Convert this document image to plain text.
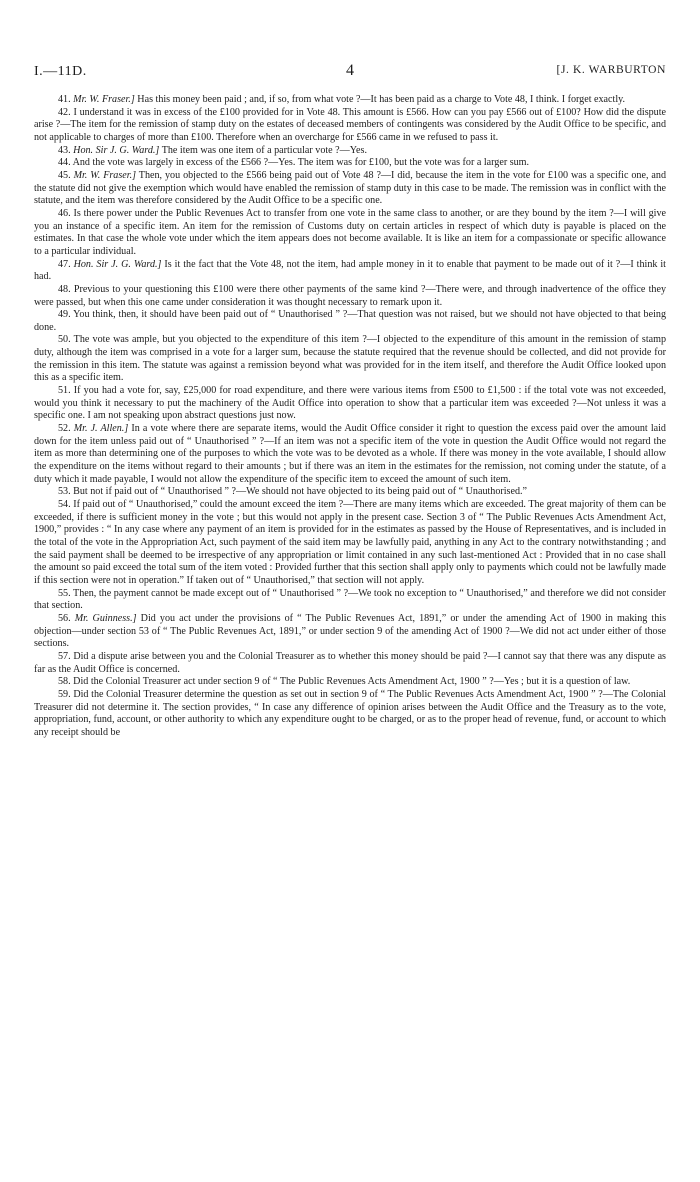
I.—11D.	4	[J. K. WARBURTON

41. Mr. W. Fraser.] Has this money been paid ; and, if so, from what vote ?—It has been paid as a charge to Vote 48, I think. I forget exactly.

42. I understand it was in excess of the £100 provided for in Vote 48. This amount is £566. How can you pay £566 out of £100? How did the dispute arise ?—The item for the remission of stamp duty on the estates of deceased members of contingents was considered by the Audit Office to be specific, and not applicable to charges of more than £100. Therefore when an overcharge for £566 came in we refused to pass it.

43. Hon. Sir J. G. Ward.] The item was one item of a particular vote ?—Yes.

44. And the vote was largely in excess of the £566 ?—Yes. The item was for £100, but the vote was for a larger sum.

45. Mr. W. Fraser.] Then, you objected to the £566 being paid out of Vote 48 ?—I did, because the item in the vote for £100 was a specific one, and the statute did not give the exemption which would have enabled the remission of stamp duty in this case to be made. The remission was in conflict with the statute, and the item was therefore considered by the Audit Office to be a specific one.

46. Is there power under the Public Revenues Act to transfer from one vote in the same class to another, or are they bound by the item ?—I will give you an instance of a specific item. An item for the remission of Customs duty on certain articles in respect of which duty is payable is placed on the estimates. In that case the whole vote under which the item appears does not become available. It is like an item for a compassionate or specific allowance to a particular individual.

47. Hon. Sir J. G. Ward.] Is it the fact that the Vote 48, not the item, had ample money in it to enable that payment to be made out of it ?—I think it had.

48. Previous to your questioning this £100 were there other payments of the same kind ?—There were, and through inadvertence of the office they were passed, but when this one came under consideration it was thought necessary to remark upon it.

49. You think, then, it should have been paid out of “ Unauthorised ” ?—That question was not raised, but we should not have objected to that being done.

50. The vote was ample, but you objected to the expenditure of this item ?—I objected to the expenditure of this amount in the remission of stamp duty, although the item was comprised in a vote for a larger sum, because the statute required that the revenue should be collected, and did not provide for the remission in this item. The statute was against a remission beyond what was provided for in the item itself, and therefore the Audit Office looked upon this as a specific item.

51. If you had a vote for, say, £25,000 for road expenditure, and there were various items from £500 to £1,500 : if the total vote was not exceeded, would you think it necessary to put the machinery of the Audit Office into operation to show that a particular item was exceeded ?—Not unless it was a specific one. I am not speaking upon abstract questions just now.

52. Mr. J. Allen.] In a vote where there are separate items, would the Audit Office consider it right to question the excess paid over the amount laid down for the item unless paid out of “ Unauthorised ” ?—If an item was not a specific item of the vote in question the Audit Office would not regard the item as more than determining one of the purposes to which the vote was to be devoted as a whole. If there was money in the vote available, I should allow the expenditure on the items without regard to their amounts ; but if there was an item in the estimates for the remission, not coming under the statute, of a duty which it made payable, I would not allow the expenditure of the specific item to exceed the amount of such item.

53. But not if paid out of “ Unauthorised ” ?—We should not have objected to its being paid out of “ Unauthorised.”

54. If paid out of “ Unauthorised,” could the amount exceed the item ?—There are many items which are exceeded. The great majority of them can be exceeded, if there is sufficient money in the vote ; but this would not apply in the present case. Section 3 of “ The Public Revenues Acts Amendment Act, 1900,” provides : “ In any case where any payment of an item is provided for in the estimates as passed by the House of Representatives, and is included in the total of the vote in the Appropriation Act, such payment of the said item may be lawfully paid, anything in any Act to the contrary notwithstanding ; and the said payment shall be deemed to be irrespective of any appropriation or limit contained in any such last-mentioned Act : Provided that in no case shall the amount so paid exceed the total sum of the item voted : Provided further that this section shall apply only to payments which could not be lawfully made if this section were not in operation.” If taken out of “ Unauthorised,” that section will not apply.

55. Then, the payment cannot be made except out of “ Unauthorised ” ?—We took no exception to “ Unauthorised,” and therefore we did not consider that section.

56. Mr. Guinness.] Did you act under the provisions of “ The Public Revenues Act, 1891,” or under the amending Act of 1900 in making this objection—under section 53 of “ The Public Revenues Act, 1891,” or under section 9 of the amending Act of 1900 ?—We did not act under either of those sections.

57. Did a dispute arise between you and the Colonial Treasurer as to whether this money should be paid ?—I cannot say that there was any dispute as far as the Audit Office is concerned.

58. Did the Colonial Treasurer act under section 9 of “ The Public Revenues Acts Amendment Act, 1900 ” ?—Yes ; but it is a question of law.

59. Did the Colonial Treasurer determine the question as set out in section 9 of “ The Public Revenues Acts Amendment Act, 1900 ” ?—The Colonial Treasurer did not determine it. The section provides, “ In case any difference of opinion arises between the Audit Office and the Treasury as to the vote, appropriation, fund, account, or other authority to which any expenditure ought to be charged, or as to the proper head of revenue, fund, or account to which any receipt should be
